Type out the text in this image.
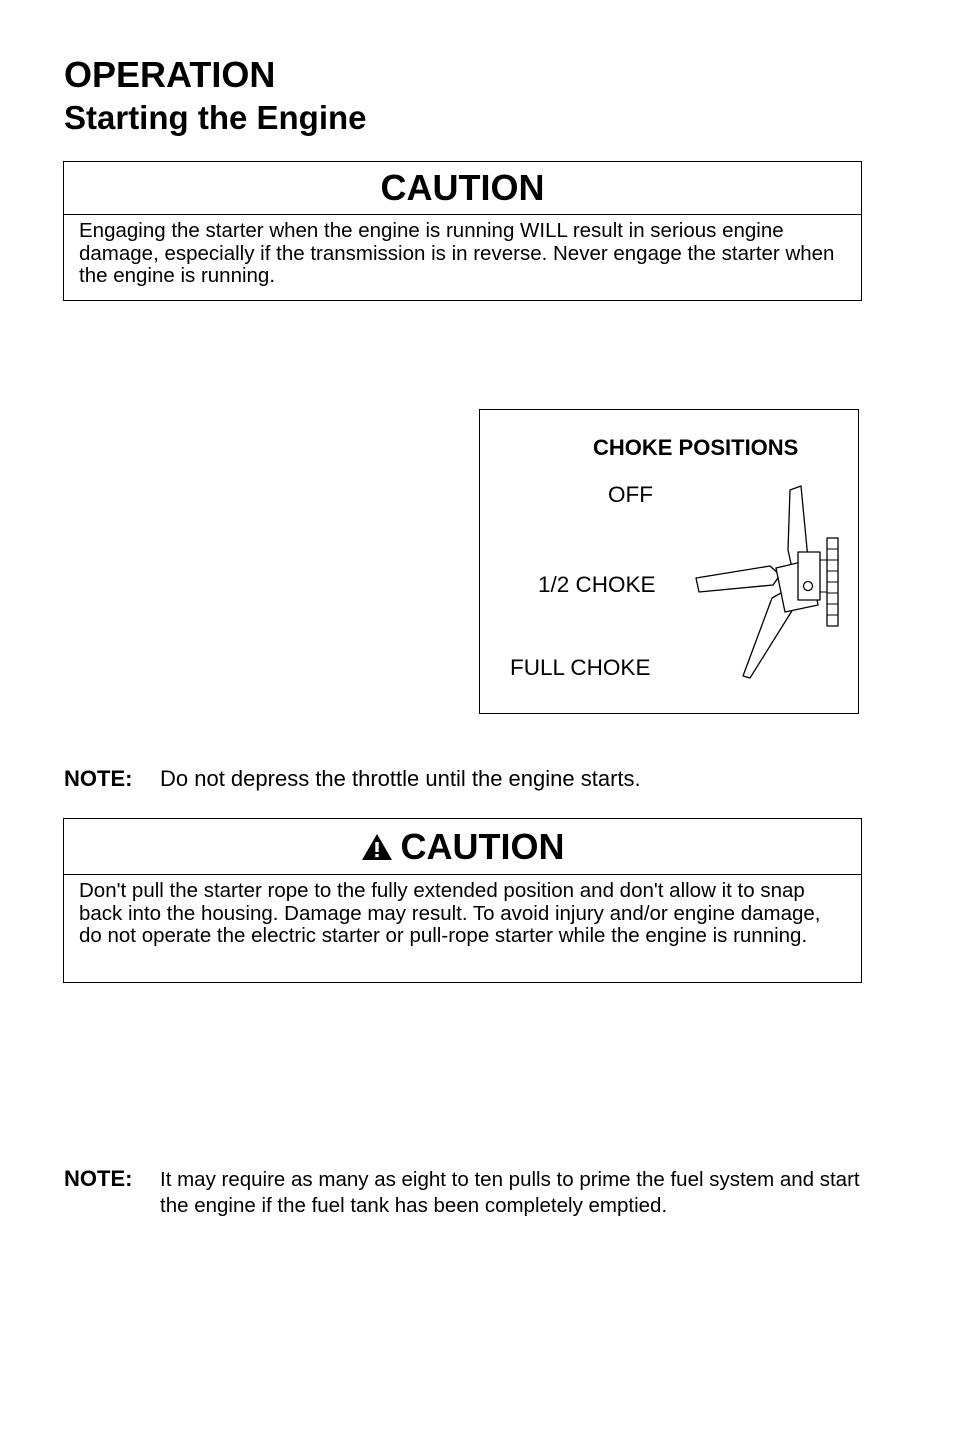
OPERATION
Starting the Engine
CAUTION
Engaging the starter when the engine is running WILL result in serious engine damage, especially if the transmission is in reverse. Never engage the starter when the engine is running.
CHOKE POSITIONS
OFF
1/2 CHOKE
FULL CHOKE
NOTE: Do not depress the throttle until the engine starts.
CAUTION
Don't pull the starter rope to the fully extended position and don't allow it to snap back into the housing. Damage may result. To avoid injury and/or engine damage, do not operate the electric starter or pull-rope starter while the engine is running.
NOTE: It may require as many as eight to ten pulls to prime the fuel system and start the engine if the fuel tank has been completely emptied.
